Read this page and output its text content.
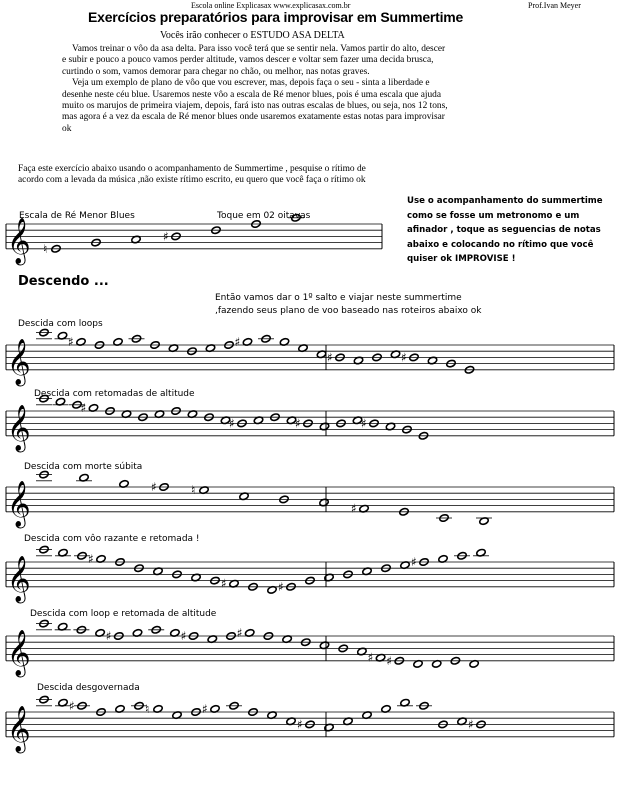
Escola online Explicasax www.explicasax.com.br	Prof.Ivan Meyer
Exercícios preparatórios para improvisar em Summertime
Vocês irão conhecer o ESTUDO ASA DELTA

Vamos treinar o vôo da asa delta. Para isso você terá que se sentir nela. Vamos partir do alto, descer e subir e pouco a pouco vamos perder altitude, vamos descer e voltar sem fazer uma decida brusca, curtindo o som, vamos demorar para chegar no chão, ou melhor, nas notas graves.

Veja um exemplo de plano de vôo que vou escrever, mas, depois faça o seu - sinta a liberdade e desenhe neste céu blue. Usaremos neste vôo a escala de Ré menor blues, pois é uma escala que ajuda muito os marujos de primeira viajem, depois, fará isto nas outras escalas de blues, ou seja, nos 12 tons, mas agora é a vez da escala de Ré menor blues onde usaremos exatamente estas notas para improvisar ok

Faça este exercício abaixo usando o acompanhamento de Summertime , pesquise o rítimo de acordo com a levada da música ,não existe rítimo escrito, eu quero que você faça o rítimo ok
Escala de Ré Menor Blues	Toque em 02 oitavas
Use o acompanhamento do summertime como se fosse um metronomo e um afinador , toque as seguencias de notas abaixo e colocando no rítimo que você quiser ok IMPROVISE !
Descendo ...
Então vamos dar o 1º salto e viajar neste summertime ,fazendo seus plano de voo baseado nas roteiros abaixo ok
Descida com loops
Descida com retomadas de altitude
Descida com morte súbita
Descida com vôo razante e retomada !
Descida com loop e retomada de altitude
Descida desgovernada
𝄞 ♮
♯
𝄞	♯	♯
♯	♯
𝄞	♯
♯	♯	♯
𝄞	♯	♮
♯
𝄞	♯
♯	♯
♯
𝄞	♯	♯	♯
♯ ♯
𝄞	♯	♮	♯
♯	♯
